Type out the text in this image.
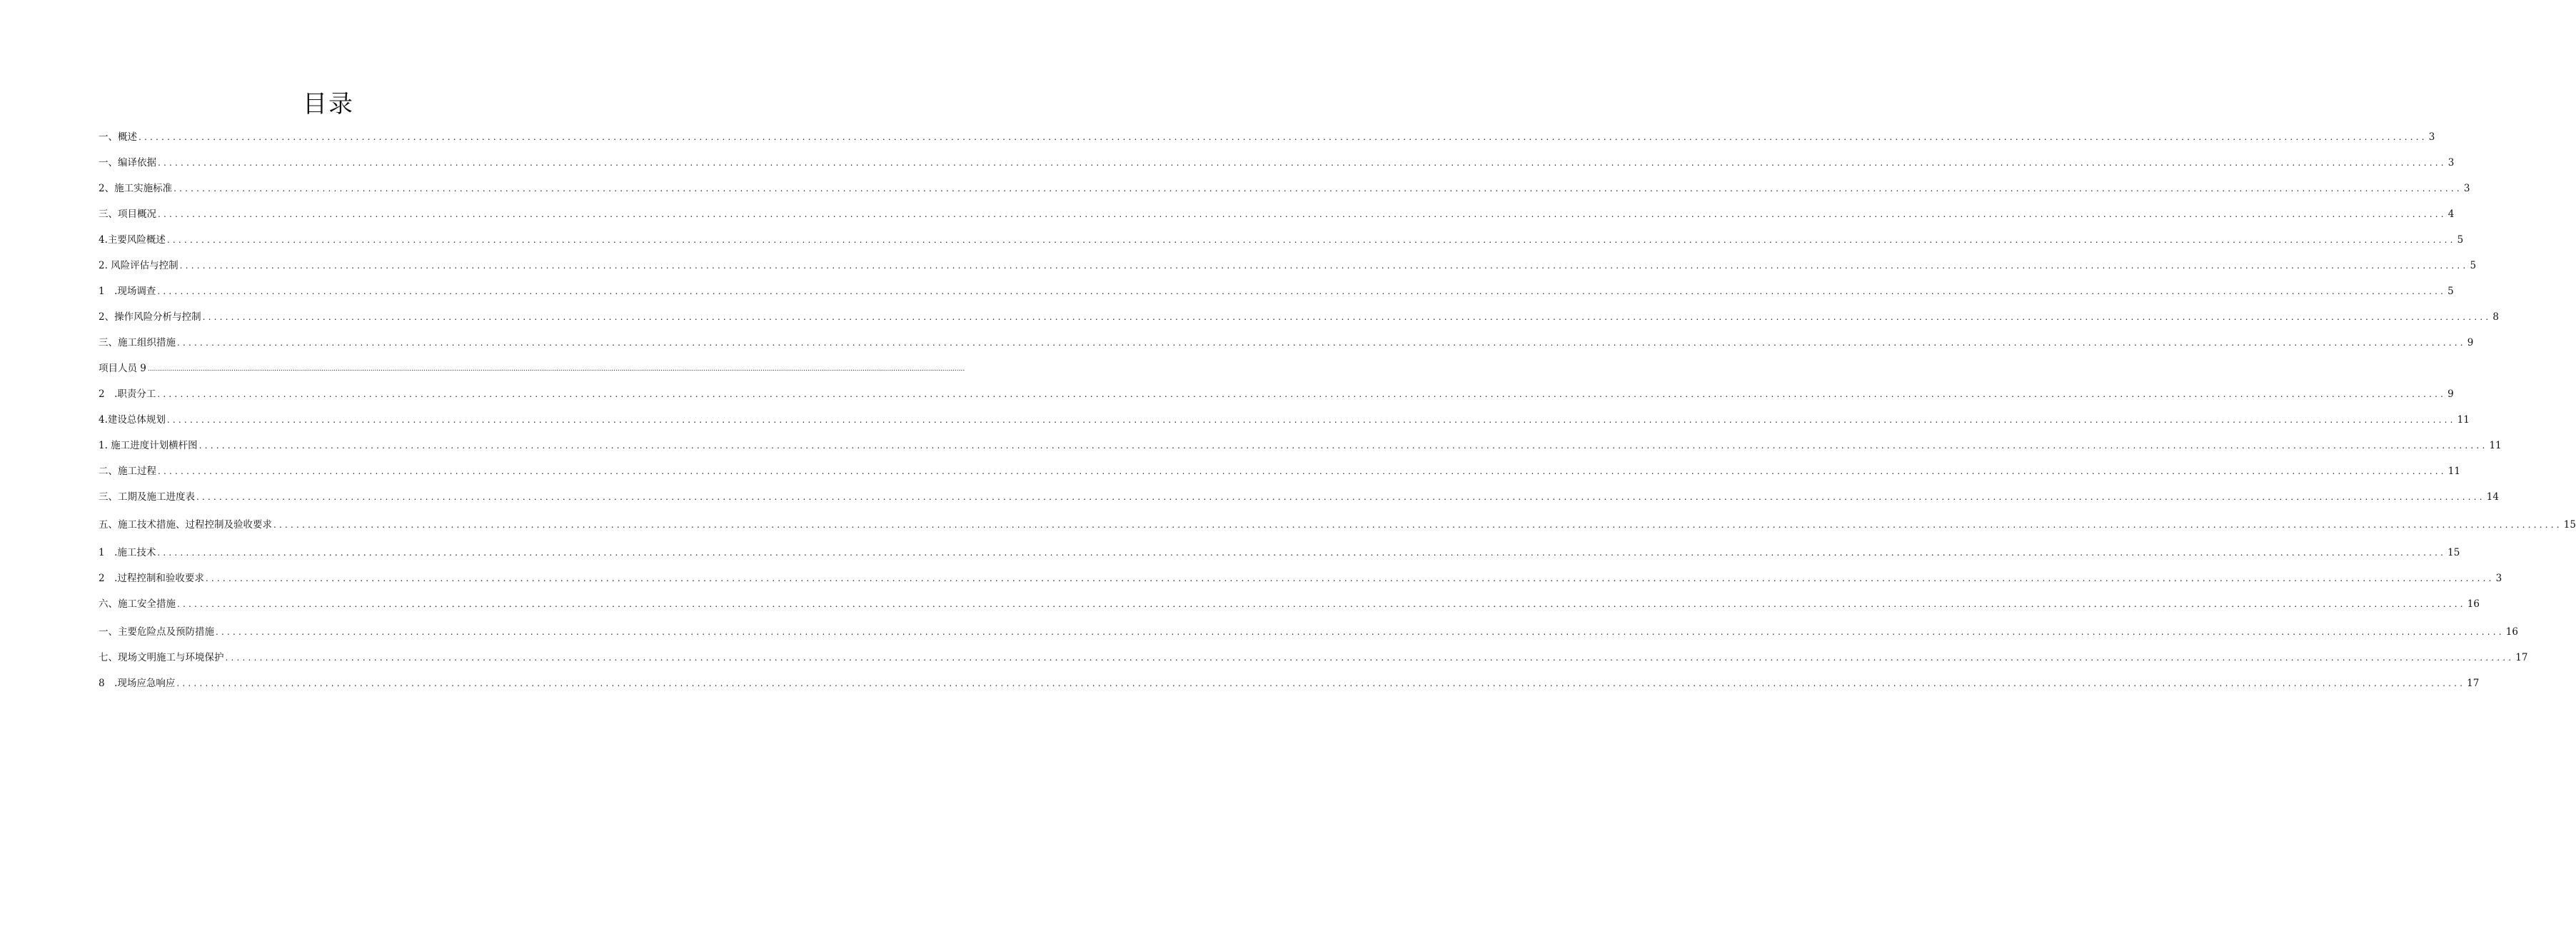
目录
一、概述 ................................................................................................................................................................................................................................................................................................................................................................................................................ 3
一、编译依据 ................................................................................................................................................................................................................................................................................................................................................................................................................ 3
2、施工实施标准 ................................................................................................................................................................................................................................................................................................................................................................................................................ 3
三、项目概况 ................................................................................................................................................................................................................................................................................................................................................................................................................ 4
4.主要风险概述 ................................................................................................................................................................................................................................................................................................................................................................................................................ 5
2. 风险评估与控制 ................................................................................................................................................................................................................................................................................................................................................................................................................ 5
1　.现场调查 ................................................................................................................................................................................................................................................................................................................................................................................................................ 5
2、操作风险分析与控制 ................................................................................................................................................................................................................................................................................................................................................................................................................ 8
三、施工组织措施 ................................................................................................................................................................................................................................................................................................................................................................................................................ 9
项目人员 9 ................................................................................................................................................................................................................................................................................................................................................................................................................
2　.职责分工 ................................................................................................................................................................................................................................................................................................................................................................................................................ 9
4.建设总体规划 ................................................................................................................................................................................................................................................................................................................................................................................................................ 11
1. 施工进度计划横杆图 ................................................................................................................................................................................................................................................................................................................................................................................................................ 11
二、施工过程 ................................................................................................................................................................................................................................................................................................................................................................................................................ 11
三、工期及施工进度表 ................................................................................................................................................................................................................................................................................................................................................................................................................ 14
五、施工技术措施、过程控制及验收要求 ................................................................................................................................................................................................................................................................................................................................................................................................................ 15
1　.施工技术 ................................................................................................................................................................................................................................................................................................................................................................................................................ 15
2　.过程控制和验收要求 ................................................................................................................................................................................................................................................................................................................................................................................................................ 3
六、施工安全措施 ................................................................................................................................................................................................................................................................................................................................................................................................................ 16
一、主要危险点及预防措施 ................................................................................................................................................................................................................................................................................................................................................................................................................ 16
七、现场文明施工与环境保护 ................................................................................................................................................................................................................................................................................................................................................................................................................ 17
8　.现场应急响应 ................................................................................................................................................................................................................................................................................................................................................................................................................ 17
